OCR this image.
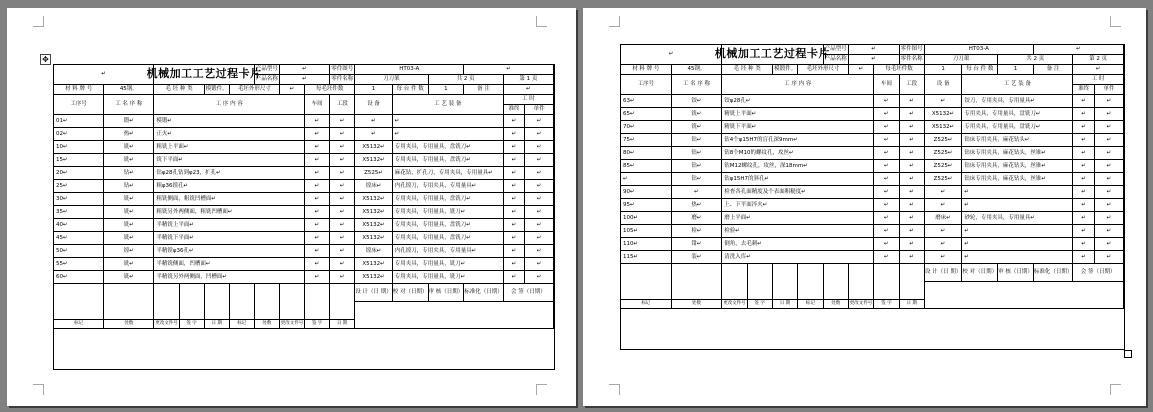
✥
↵	机械加工工艺过程卡片
产品型号	↵	零件图号	HT03-A	↵
产品名称	↵	零件名称	刀刀架	共 2 页	第 1 页
材 料 牌 号	45钢。	毛 坯 种 类	模锻件。	毛坯外形尺寸	↵	每毛坯件数	1	每 台 件 数	1	备 注	↵
工序号	工 名 序 称	工 序 内 容	车间	工段	设 备	工 艺 装 备
工 时
准终	单件
01↵	锻↵	模锻↵	↵	↵	↵	↵	↵	↵
02↵	热↵	正火↵	↵	↵	↵	↵	↵	↵
10↵	铣↵	粗铣上平面↵	↵	↵	X5132↵	专用夹具，专用量具，盘铣刀↵	↵	↵
15↵	铣↵	铣下平面↵	↵	↵	X5132↵	专用夹具，专用量具，盘铣刀↵	↵	↵
20↵	钻↵	钻φ28孔钻到φ23，扩孔↵	↵	↵	Z525↵	麻花钻，扩孔刀，专用夹具，专用量具↵	↵	↵
25↵	钻↵	粗φ36镗孔↵	↵	↵	镗床↵	内孔镗刀，专用夹具，专用量具↵	↵	↵
30↵	铣↵	粗铣侧面，粗铣凹槽面↵	↵	↵	X5132↵	专用夹具，专用量具，盘铣刀↵	↵	↵
35↵	铣↵	粗铣另外两侧面，粗铣凹槽面↵	↵	↵	X5132↵	专用夹具，专用量具，铣刀↵	↵	↵
40↵	铣↵	半精铣上平面↵	↵	↵	X5132↵	专用夹具，专用量具，盘铣刀↵	↵	↵
45↵	铣↵	半精铣下平面↵	↵	↵	X5132↵	专用夹具，专用量具，盘铣刀↵	↵	↵
50↵	镗↵	半精镗φ36孔↵	↵	↵	镗床↵	内孔镗刀，专用夹具，专用量具↵	↵	↵
55↵	铣↵	半精铣侧面，凹槽面↵	↵	↵	X5132↵	专用夹具，专用量具，铣刀↵	↵	↵
60↵	铣↵	半精铣另外两侧面，凹槽面↵	↵	↵	X5132↵	专用夹具，专用量具，铣刀↵	↵	↵
设 计（日 期） 校 对（日期） 审 核（日期） 标准化（日期）	会 签（日期）
标记	处数	更改文件号	签 字	日 期	标记	处数	更改文件号	签 字	日 期
↵	机械加工工艺过程卡片
产品型号	↵	零件图号	HT03-A	↵
产品名称	↵	零件名称	刀刀架	共 2 页	第 2 页
材 料 牌 号	45钢。	毛 坯 种 类	模锻件。	毛坯外形尺寸	↵	每毛坯件数	1	每 台 件 数	1	备 注	↵
工序号	工 名 序 称	工 序 内 容	车间	工段	设 备	工 艺 装 备
工 时
准终	单件
63↵	铰↵	铰φ28孔↵	↵	↵	↵	铰刀，专用夹具，专用量具↵	↵	↵
65↵	铣↵	精铣上平面↵	↵	↵	X5132↵	专用夹具，专用量具，盘铣刀↵	↵	↵
70↵	铣↵	精铣下平面↵	↵	↵	X5132↵	专用夹具，专用量具，盘铣刀↵	↵	↵
75↵	钻↵	钻4个φ15H7的盲孔深9mm↵	↵	↵	Z525↵	钻床专用夹具，麻花钻头↵	↵	↵
80↵	钻↵	钻8个M10的螺纹孔，攻丝↵	↵	↵	Z525↵	钻床专用夹具，麻花钻头，丝锥↵	↵	↵
85↵	钻↵	钻M12螺纹孔，攻丝，深18mm↵	↵	↵	Z525↵	钻床专用夹具，麻花钻头，丝锥↵	↵	↵
↵	钻↵	钻φ15H7的斜孔↵	↵	↵	Z525↵	钻床专用夹具，麻花钻头，丝锥↵	↵	↵
90↵	↵	检查各孔面精度及个表面粗糙度↵	↵	↵	↵	↵	↵	↵
95↵	热↵	上、下平面淬火↵	↵	↵	↵	↵	↵	↵
100↵	磨↵	磨上平面↵	↵	↵	磨床↵	砂轮，专用夹具，专用量具↵	↵	↵
105↵	检↵	检验↵	↵	↵	↵	↵	↵	↵
110↵	钳↵	倒角，去毛刺↵	↵	↵	↵	↵	↵	↵
115↵	装↵	清洗入库↵	↵	↵	↵	↵	↵	↵
设 计（日 期） 校 对（日期） 审 核（日期） 标准化（日期）	会 签（日期）
标记	处数	更改文件号	签 字	日 期	标记	处数	更改文件号	签 字	日 期
